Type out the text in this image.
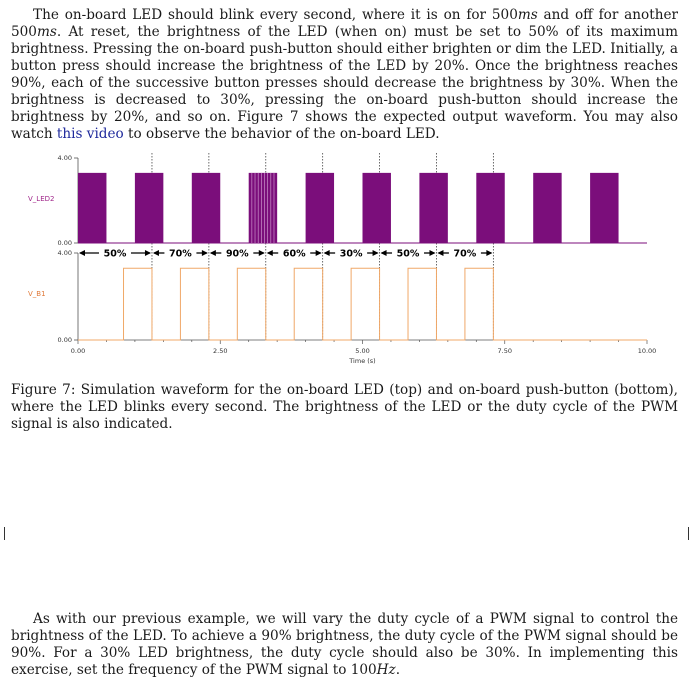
The on-board LED should blink every second, where it is on for 500ms and off for another 500ms. At reset, the brightness of the LED (when on) must be set to 50% of its maximum brightness. Pressing the on-board push-button should either brighten or dim the LED. Initially, a button press should increase the brightness of the LED by 20%. Once the brightness reaches 90%, each of the successive button presses should decrease the brightness by 30%. When the brightness is decreased to 30%, pressing the on-board push-button should increase the brightness by 20%, and so on. Figure 7 shows the expected output waveform. You may also watch this video to observe the behavior of the on-board LED.

4.00
0.00
4.00
0.00
0.00	2.50	5.00	7.50	10.00
Time (s)
V_LED2
V_B1
50%	70%	90%	60%	30%	50%	70%

Figure 7: Simulation waveform for the on-board LED (top) and on-board push-button (bottom), where the LED blinks every second. The brightness of the LED or the duty cycle of the PWM signal is also indicated.

As with our previous example, we will vary the duty cycle of a PWM signal to control the brightness of the LED. To achieve a 90% brightness, the duty cycle of the PWM signal should be 90%. For a 30% LED brightness, the duty cycle should also be 30%. In implementing this exercise, set the frequency of the PWM signal to 100Hz.
